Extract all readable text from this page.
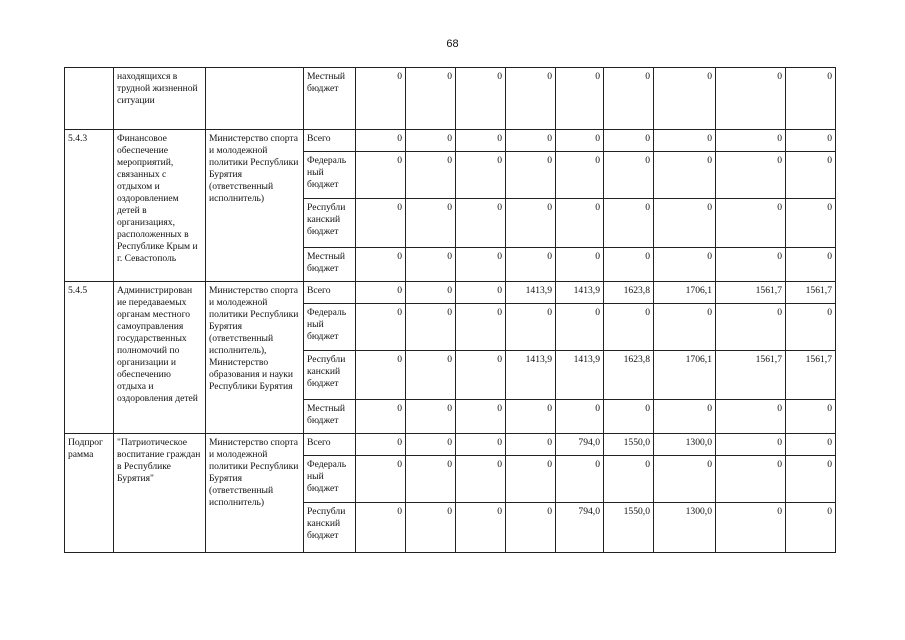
68
	находящихся в трудной жизненной ситуации		Местный бюджет	0	0	0	0	0	0	0	0	0
5.4.3	Финансовое обеспечение мероприятий, связанных с отдыхом и оздоровлением детей в организациях, расположенных в Республике Крым и г. Севастополь	Министерство спорта и молодежной политики Республики Бурятия (ответственный исполнитель)	Всего	0	0	0	0	0	0	0	0	0
			Федераль ный бюджет	0	0	0	0	0	0	0	0	0
			Республи канский бюджет	0	0	0	0	0	0	0	0	0
			Местный бюджет	0	0	0	0	0	0	0	0	0
5.4.5	Администрирован ие передаваемых органам местного самоуправления государственных полномочий по организации и обеспечению отдыха и оздоровления детей	Министерство спорта и молодежной политики Республики Бурятия (ответственный исполнитель), Министерство образования и науки Республики Бурятия	Всего	0	0	0	1413,9	1413,9	1623,8	1706,1	1561,7	1561,7
			Федераль ный бюджет	0	0	0	0	0	0	0	0	0
			Республи канский бюджет	0	0	0	1413,9	1413,9	1623,8	1706,1	1561,7	1561,7
			Местный бюджет	0	0	0	0	0	0	0	0	0
Подпрог рамма	"Патриотическое воспитание граждан в Республике Бурятия"	Министерство спорта и молодежной политики Республики Бурятия (ответственный исполнитель)	Всего	0	0	0	0	794,0	1550,0	1300,0	0	0
			Федераль ный бюджет	0	0	0	0	0	0	0	0	0
			Республи канский бюджет	0	0	0	0	794,0	1550,0	1300,0	0	0
